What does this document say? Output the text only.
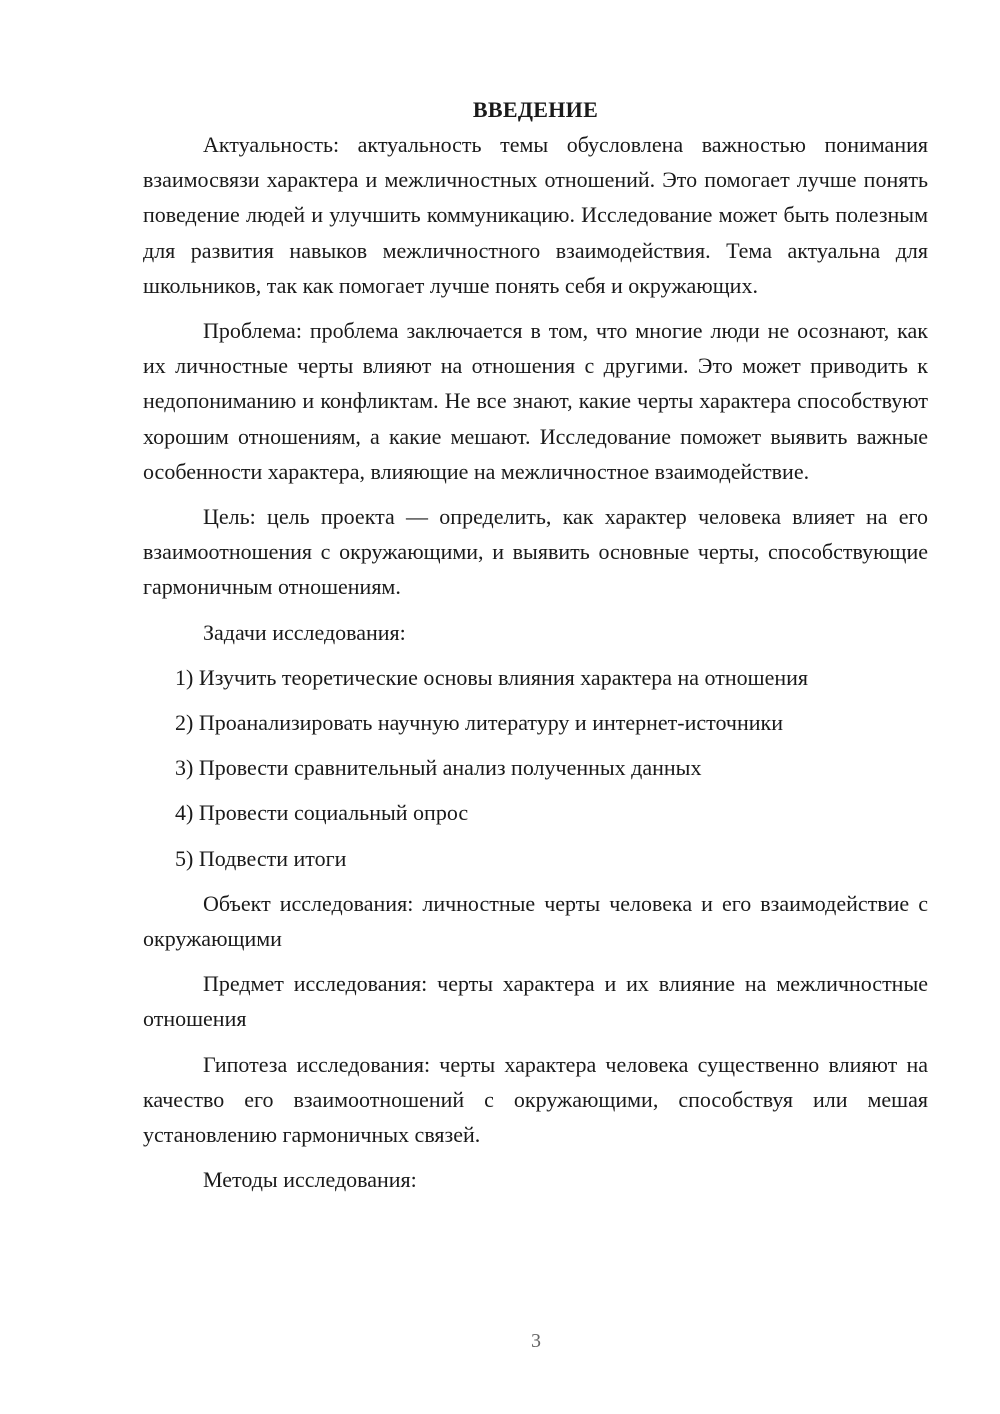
ВВЕДЕНИЕ

Актуальность: актуальность темы обусловлена важностью понимания взаимосвязи характера и межличностных отношений. Это помогает лучше понять поведение людей и улучшить коммуникацию. Исследование может быть полезным для развития навыков межличностного взаимодействия. Тема актуальна для школьников, так как помогает лучше понять себя и окружающих.

Проблема: проблема заключается в том, что многие люди не осознают, как их личностные черты влияют на отношения с другими. Это может приводить к недопониманию и конфликтам. Не все знают, какие черты характера способствуют хорошим отношениям, а какие мешают. Исследование поможет выявить важные особенности характера, влияющие на межличностное взаимодействие.

Цель: цель проекта — определить, как характер человека влияет на его взаимоотношения с окружающими, и выявить основные черты, способствующие гармоничным отношениям.

Задачи исследования:

1) Изучить теоретические основы влияния характера на отношения
2) Проанализировать научную литературу и интернет-источники
3) Провести сравнительный анализ полученных данных
4) Провести социальный опрос
5) Подвести итоги

Объект исследования: личностные черты человека и его взаимодействие с окружающими

Предмет исследования: черты характера и их влияние на межличностные отношения

Гипотеза исследования: черты характера человека существенно влияют на качество его взаимоотношений с окружающими, способствуя или мешая установлению гармоничных связей.

Методы исследования:

3
